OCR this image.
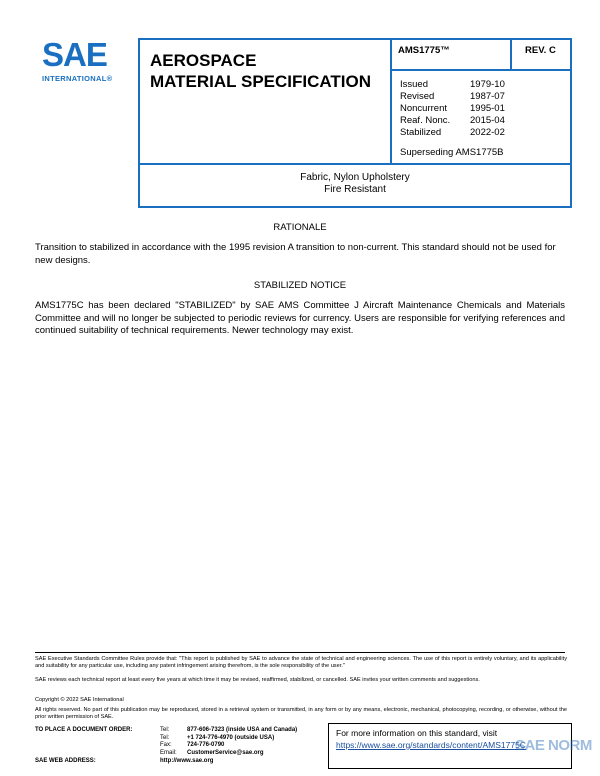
SAE
INTERNATIONAL®
AEROSPACE
MATERIAL SPECIFICATION
AMS1775™	REV. C
Issued	1979-10
Revised	1987-07
Noncurrent	1995-01
Reaf. Nonc.	2015-04
Stabilized	2022-02
Superseding AMS1775B
Fabric, Nylon Upholstery
Fire Resistant
RATIONALE
Transition to stabilized in accordance with the 1995 revision A transition to non-current. This standard should not be used for new designs.
STABILIZED NOTICE
AMS1775C has been declared "STABILIZED" by SAE AMS Committee J Aircraft Maintenance Chemicals and Materials Committee and will no longer be subjected to periodic reviews for currency. Users are responsible for verifying references and continued suitability of technical requirements. Newer technology may exist.
SAE Executive Standards Committee Rules provide that: "This report is published by SAE to advance the state of technical and engineering sciences. The use of this report is entirely voluntary, and its applicability and suitability for any particular use, including any patent infringement arising therefrom, is the sole responsibility of the user."
SAE reviews each technical report at least every five years at which time it may be revised, reaffirmed, stabilized, or cancelled. SAE invites your written comments and suggestions.
Copyright © 2022 SAE International
All rights reserved. No part of this publication may be reproduced, stored in a retrieval system or transmitted, in any form or by any means, electronic, mechanical, photocopying, recording, or otherwise, without the prior written permission of SAE.
TO PLACE A DOCUMENT ORDER:	Tel:	877-606-7323 (inside USA and Canada)
Tel:	+1 724-776-4970 (outside USA)
Fax:	724-776-0790
Email:	CustomerService@sae.org
SAE WEB ADDRESS:	http://www.sae.org
For more information on this standard, visit
https://www.sae.org/standards/content/AMS1775C
SAE NORM
